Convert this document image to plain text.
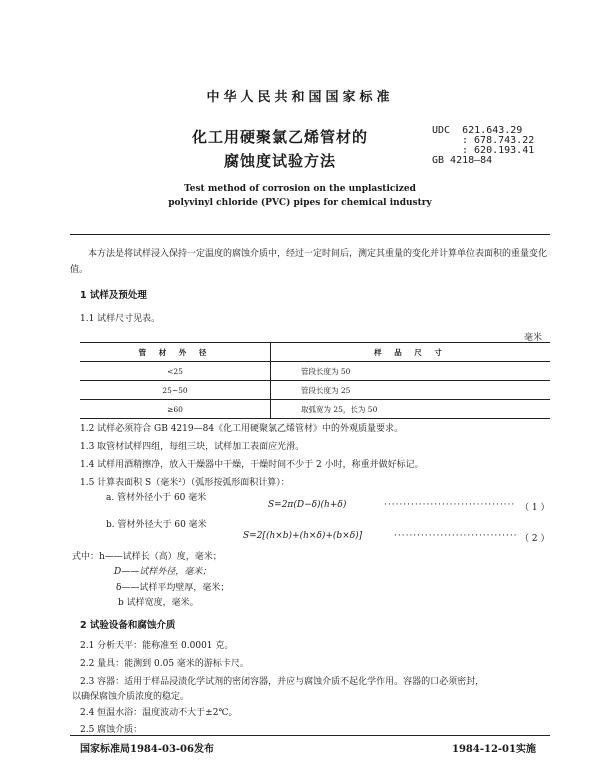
中华人民共和国国家标准
化工用硬聚氯乙烯管材的
腐蚀度试验方法
UDC 621.643.29
: 678.743.22
: 620.193.41
GB 4218—84
Test method of corrosion on the unplasticized
polyvinyl chloride (PVC) pipes for chemical industry
本方法是将试样浸入保持一定温度的腐蚀介质中，经过一定时间后，测定其重量的变化并计算单位表面积的重量变化值。
1 试样及预处理
1.1 试样尺寸见表。
毫米
管 材 外 径	样 品 尺 寸
<25	管段长度为 50
25~50	管段长度为 25
≥60	取弧宽为 25，长为 50
1.2 试样必须符合 GB 4219—84《化工用硬聚氯乙烯管材》中的外观质量要求。
1.3 取管材试样四组，每组三块，试样加工表面应光滑。
1.4 试样用酒精擦净，放入干燥器中干燥，干燥时间不少于 2 小时，称重并做好标记。
1.5 计算表面积 S（毫米²）（弧形按弧形面积计算）：
a. 管材外径小于 60 毫米
S=2π(D−δ)(h+δ)	·································· （ 1 ）
b. 管材外径大于 60 毫米
S=2[(h×b)+(h×δ)+(b×δ)]	································ （ 2 ）
式中：h——试样长（高）度，毫米；
D——试样外径，毫米；
δ——试样平均壁厚，毫米；
b 试样宽度，毫米。
2 试验设备和腐蚀介质
2.1 分析天平：能称准至 0.0001 克。
2.2 量具：能测到 0.05 毫米的游标卡尺。
2.3 容器：适用于样品浸渍化学试剂的密闭容器，并应与腐蚀介质不起化学作用。容器的口必须密封，
以确保腐蚀介质浓度的稳定。
2.4 恒温水浴：温度波动不大于±2℃。
2.5 腐蚀介质：
国家标准局1984-03-06发布	1984-12-01实施
